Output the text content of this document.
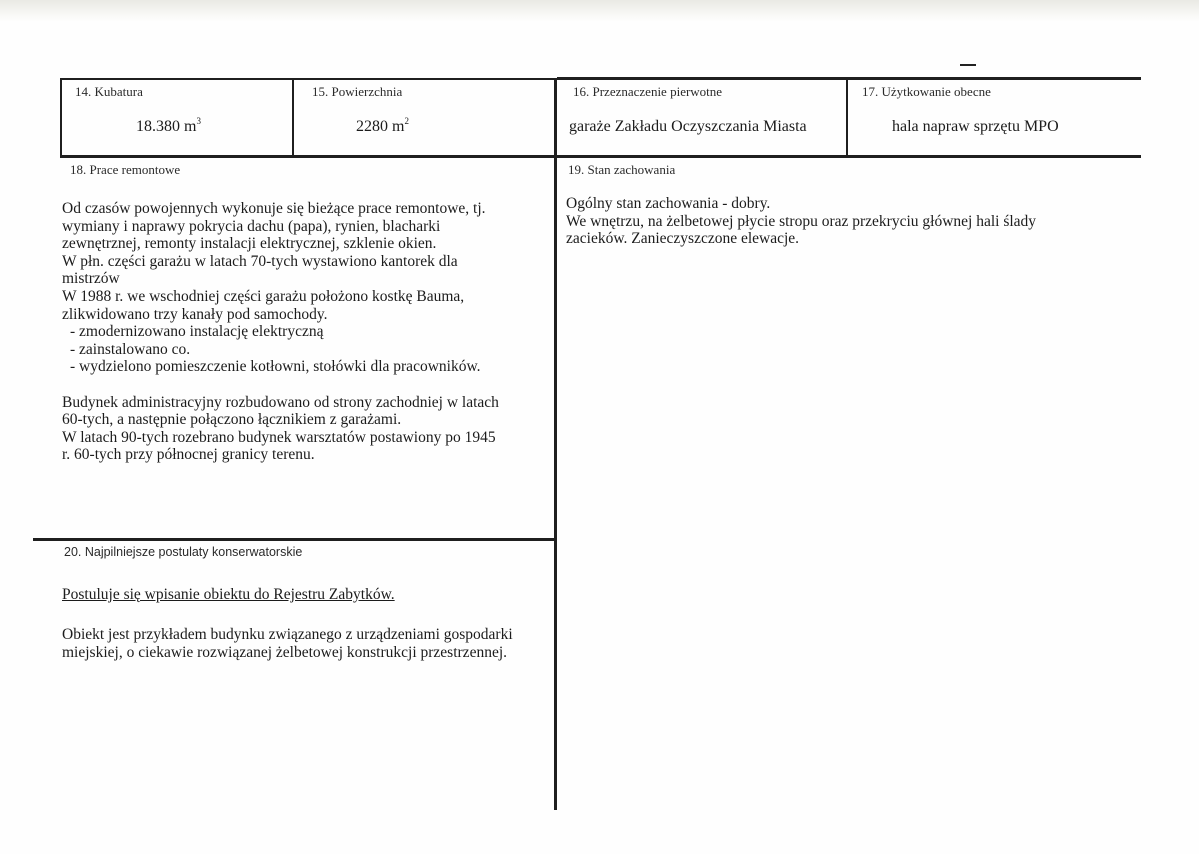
14. Kubatura
18.380 $m^3$
15. Powierzchnia
2280 $m^2$
16. Przeznaczenie pierwotne
garaże Zakładu Oczyszczania Miasta
17. Użytkowanie obecne
hala napraw sprzętu MPO
18. Prace remontowe

Od czasów powojennych wykonuje się bieżące prace remontowe, tj.

wymiany i naprawy pokrycia dachu (papa), rynien, blacharki

zewnętrznej, remonty instalacji elektrycznej, szklenie okien.

W płn. części garażu w latach 70-tych wystawiono kantorek dla

mistrzów

W 1988 r. we wschodniej części garażu położono kostkę Bauma,

zlikwidowano trzy kanały pod samochody.

- zmodernizowano instalację elektryczną

- zainstalowano co.

- wydzielono pomieszczenie kotłowni, stołówki dla pracowników.

Budynek administracyjny rozbudowano od strony zachodniej w latach

60-tych, a następnie połączono łącznikiem z garażami.

W latach 90-tych rozebrano budynek warsztatów postawiony po 1945

r. 60-tych przy północnej granicy terenu.

19. Stan zachowania

Ogólny stan zachowania - dobry.

We wnętrzu, na żelbetowej płycie stropu oraz przekryciu głównej hali ślady

zacieków. Zanieczyszczone elewacje.

20. Najpilniejsze postulaty konserwatorskie

Postuluje się wpisanie obiektu do Rejestru Zabytków.

Obiekt jest przykładem budynku związanego z urządzeniami gospodarki

miejskiej, o ciekawie rozwiązanej żelbetowej konstrukcji przestrzennej.
